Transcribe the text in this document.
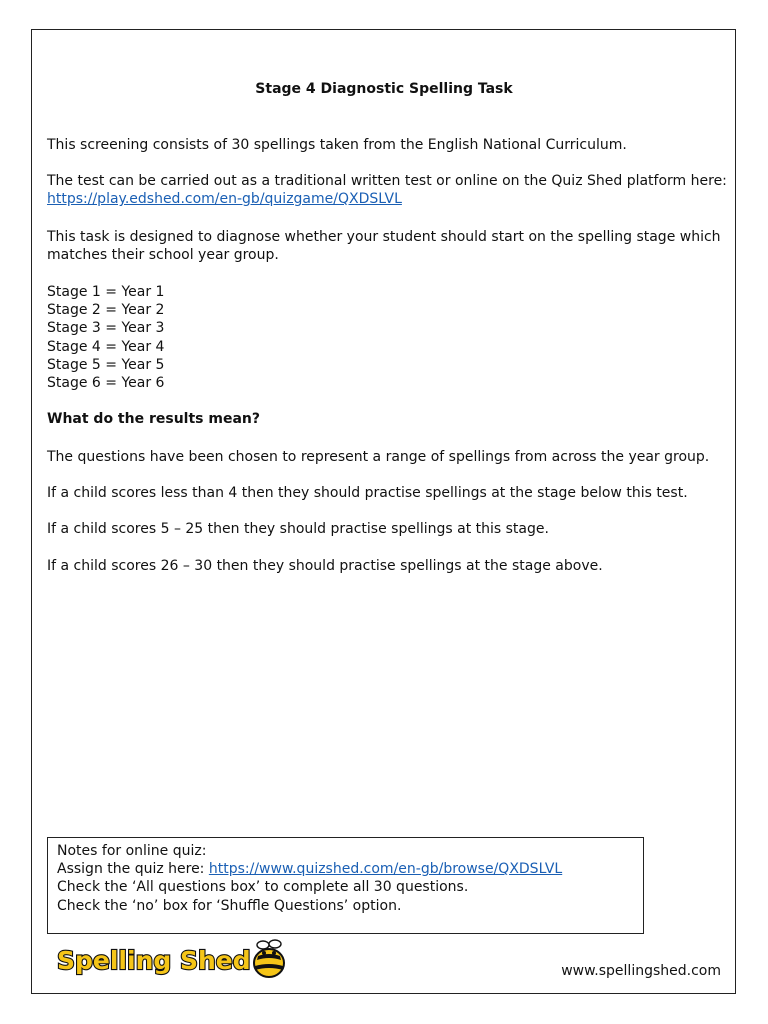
Stage 4 Diagnostic Spelling Task
This screening consists of 30 spellings taken from the English National Curriculum.
The test can be carried out as a traditional written test or online on the Quiz Shed platform here: https://play.edshed.com/en-gb/quizgame/QXDSLVL
This task is designed to diagnose whether your student should start on the spelling stage which matches their school year group.
Stage 1 = Year 1
Stage 2 = Year 2
Stage 3 = Year 3
Stage 4 = Year 4
Stage 5 = Year 5
Stage 6 = Year 6
What do the results mean?
The questions have been chosen to represent a range of spellings from across the year group.
If a child scores less than 4 then they should practise spellings at the stage below this test.
If a child scores 5 – 25 then they should practise spellings at this stage.
If a child scores 26 – 30 then they should practise spellings at the stage above.
Notes for online quiz:
Assign the quiz here: https://www.quizshed.com/en-gb/browse/QXDSLVL
Check the ‘All questions box’ to complete all 30 questions.
Check the ‘no’ box for ‘Shuffle Questions’ option.
Spelling Shed	www.spellingshed.com
